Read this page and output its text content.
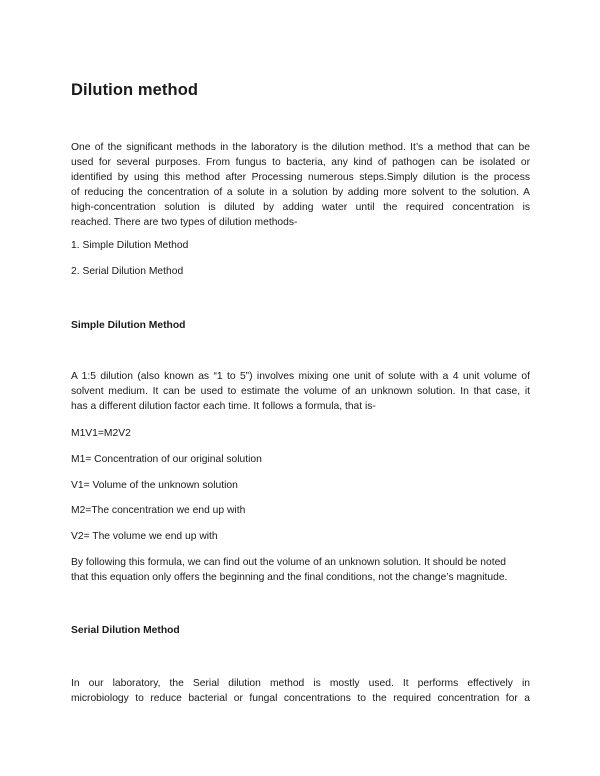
Dilution method

One of the significant methods in the laboratory is the dilution method. It’s a method that can be

used for several purposes. From fungus to bacteria, any kind of pathogen can be isolated or

identified by using this method after Processing numerous steps.Simply dilution is the process

of reducing the concentration of a solute in a solution by adding more solvent to the solution. A

high-concentration solution is diluted by adding water until the required concentration is

reached. There are two types of dilution methods-

1. Simple Dilution Method

2. Serial Dilution Method

Simple Dilution Method

A 1:5 dilution (also known as “1 to 5”) involves mixing one unit of solute with a 4 unit volume of

solvent medium. It can be used to estimate the volume of an unknown solution. In that case, it

has a different dilution factor each time. It follows a formula, that is-

M1V1=M2V2

M1= Concentration of our original solution

V1= Volume of the unknown solution

M2=The concentration we end up with

V2= The volume we end up with

By following this formula, we can find out the volume of an unknown solution. It should be noted

that this equation only offers the beginning and the final conditions, not the change’s magnitude.

Serial Dilution Method

In our laboratory, the Serial dilution method is mostly used. It performs effectively in

microbiology to reduce bacterial or fungal concentrations to the required concentration for a
